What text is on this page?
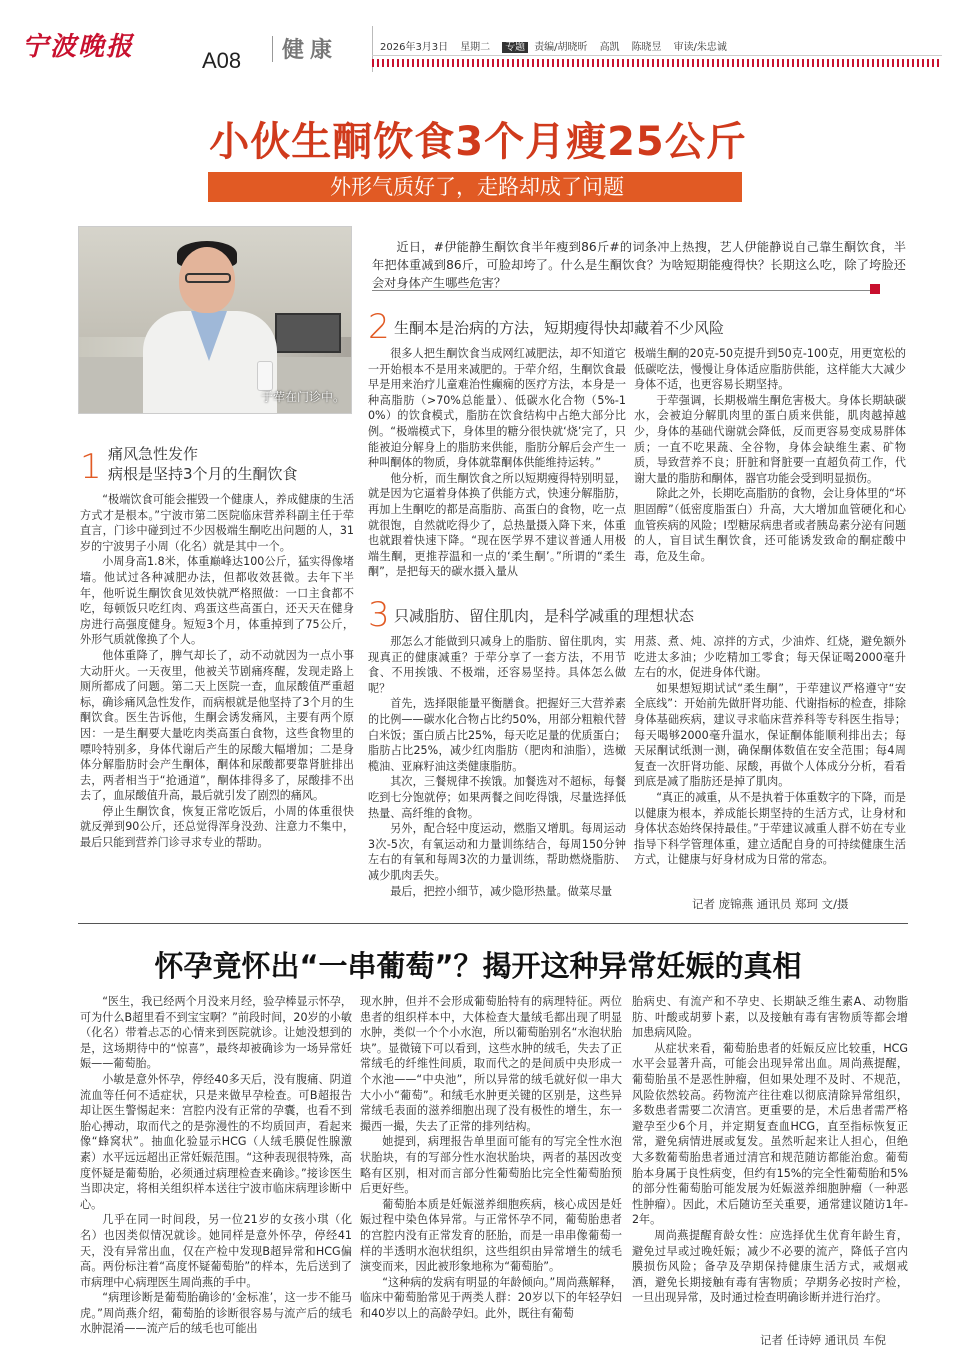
宁波晚报	A08 健康	2026年3月3日 星期二 专题 责编/胡晓昕 高凯 陈晓昱 审读/朱忠诚
小伙生酮饮食3个月瘦25公斤
外形气质好了，走路却成了问题
于荦在门诊中。

近日，#伊能静生酮饮食半年瘦到86斤#的词条冲上热搜，艺人伊能静说自己靠生酮饮食，半年把体重减到86斤，可脸却垮了。什么是生酮饮食？为啥短期能瘦得快？长期这么吃，除了垮脸还会对身体产生哪些危害？

1 痛风急性发作
病根是坚持3个月的生酮饮食

“极端饮食可能会摧毁一个健康人，养成健康的生活方式才是根本。”宁波市第二医院临床营养科副主任于荦直言，门诊中碰到过不少因极端生酮吃出问题的人，31岁的宁波男子小周（化名）就是其中一个。

小周身高1.8米，体重巅峰达100公斤，猛实得像堵墙。他试过各种减肥办法，但都收效甚微。去年下半年，他听说生酮饮食见效快就严格照做：一口主食都不吃，每顿饭只吃红肉、鸡蛋这些高蛋白，还天天在健身房进行高强度健身。短短3个月，体重掉到了75公斤，外形气质就像换了个人。

他体重降了，脾气却长了，动不动就因为一点小事大动肝火。一天夜里，他被关节剧痛疼醒，发现走路上厕所都成了问题。第二天上医院一查，血尿酸值严重超标，确诊痛风急性发作，而病根就是他坚持了3个月的生酮饮食。医生告诉他，生酮会诱发痛风，主要有两个原因：一是生酮要大量吃肉类高蛋白食物，这些食物里的嘌呤特别多，身体代谢后产生的尿酸大幅增加；二是身体分解脂肪时会产生酮体，酮体和尿酸都要靠肾脏排出去，两者相当于“抢通道”，酮体排得多了，尿酸排不出去了，血尿酸值升高，最后就引发了剧烈的痛风。

停止生酮饮食，恢复正常吃饭后，小周的体重很快就反弹到90公斤，还总觉得浑身没劲、注意力不集中，最后只能到营养门诊寻求专业的帮助。

2 生酮本是治病的方法，短期瘦得快却藏着不少风险

很多人把生酮饮食当成网红减肥法，却不知道它一开始根本不是用来减肥的。于荦介绍，生酮饮食最早是用来治疗儿童难治性癫痫的医疗方法，本身是一种高脂肪（>70%总能量）、低碳水化合物（5%-10%）的饮食模式，脂肪在饮食结构中占绝大部分比例。“极端模式下，身体里的糖分很快就‘烧’完了，只能被迫分解身上的脂肪来供能，脂肪分解后会产生一种叫酮体的物质，身体就靠酮体供能维持运转。”

他分析，而生酮饮食之所以短期瘦得特别明显，就是因为它逼着身体换了供能方式，快速分解脂肪，再加上生酮吃的都是高脂肪、高蛋白的食物，吃一点就很饱，自然就吃得少了，总热量摄入降下来，体重也就跟着快速下降。“现在医学界不建议普通人用极端生酮，更推荐温和一点的‘柔生酮’。”所谓的“柔生酮”，是把每天的碳水摄入量从

极端生酮的20克-50克提升到50克-100克，用更宽松的低碳吃法，慢慢让身体适应脂肪供能，这样能大大减少身体不适，也更容易长期坚持。

于荦强调，长期极端生酮危害极大。身体长期缺碳水，会被迫分解肌肉里的蛋白质来供能，肌肉越掉越少，身体的基础代谢就会降低，反而更容易变成易胖体质；一直不吃果蔬、全谷物，身体会缺维生素、矿物质，导致营养不良；肝脏和肾脏要一直超负荷工作，代谢大量的脂肪和酮体，器官功能会受到明显损伤。

除此之外，长期吃高脂肪的食物，会让身体里的“坏胆固醇”（低密度脂蛋白）升高，大大增加血管硬化和心血管疾病的风险；I型糖尿病患者或者胰岛素分泌有问题的人，盲目试生酮饮食，还可能诱发致命的酮症酸中毒，危及生命。

3 只减脂肪、留住肌肉，是科学减重的理想状态

那怎么才能做到只减身上的脂肪、留住肌肉，实现真正的健康减重？于荦分享了一套方法，不用节食、不用挨饿、不极端，还容易坚持。具体怎么做呢？

首先，选择限能量平衡膳食。把握好三大营养素的比例——碳水化合物占比约50%，用部分粗粮代替白米饭；蛋白质占比25%，每天吃足量的优质蛋白；脂肪占比25%，减少红肉脂肪（肥肉和油脂），选橄榄油、亚麻籽油这类健康脂肪。

其次，三餐规律不挨饿。加餐选对不超标，每餐吃到七分饱就停；如果两餐之间吃得饿，尽量选择低热量、高纤维的食物。

另外，配合轻中度运动，燃脂又增肌。每周运动3次-5次，有氧运动和力量训练结合，每周150分钟左右的有氧和每周3次的力量训练，帮助燃烧脂肪、减少肌肉丢失。

最后，把控小细节，减少隐形热量。做菜尽量

用蒸、煮、炖、凉拌的方式，少油炸、红烧，避免额外吃进太多油；少吃精加工零食；每天保证喝2000毫升左右的水，促进身体代谢。

如果想短期试试“柔生酮”，于荦建议严格遵守“安全底线”：开始前先做肝肾功能、代谢指标的检查，排除身体基础疾病，建议寻求临床营养科等专科医生指导；每天喝够2000毫升温水，保证酮体能顺利排出去；每天尿酮试纸测一测，确保酮体数值在安全范围；每4周复查一次肝肾功能、尿酸，再做个人体成分分析，看看到底是减了脂肪还是掉了肌肉。

“真正的减重，从不是执着于体重数字的下降，而是以健康为根本，养成能长期坚持的生活方式，让身材和身体状态始终保持最佳。”于荦建议减重人群不妨在专业指导下科学管理体重，建立适配自身的可持续健康生活方式，让健康与好身材成为日常的常态。

记者 庞锦燕 通讯员 郑珂 文/摄
怀孕竟怀出“一串葡萄”？揭开这种异常妊娠的真相

“医生，我已经两个月没来月经，验孕棒显示怀孕，可为什么B超里看不到宝宝啊？”前段时间，20岁的小敏（化名）带着忐忑的心情来到医院就诊。让她没想到的是，这场期待中的“惊喜”，最终却被确诊为一场异常妊娠——葡萄胎。

小敏是意外怀孕，停经40多天后，没有腹痛、阴道流血等任何不适症状，只是来做早孕检查。可B超报告却让医生警惕起来：宫腔内没有正常的孕囊，也看不到胎心搏动，取而代之的是弥漫性的不均质回声，看起来像“蜂窝状”。抽血化验显示HCG（人绒毛膜促性腺激素）水平远远超出正常妊娠范围。“这种表现很特殊，高度怀疑是葡萄胎，必须通过病理检查来确诊。”接诊医生当即决定，将相关组织样本送往宁波市临床病理诊断中心。

几乎在同一时间段，另一位21岁的女孩小琪（化名）也因类似情况就诊。她同样是意外怀孕，停经41天，没有异常出血，仅在产检中发现B超异常和HCG偏高。两份标注着“高度怀疑葡萄胎”的样本，先后送到了市病理中心病理医生周尚燕的手中。

“病理诊断是葡萄胎确诊的‘金标准’，这一步不能马虎。”周尚燕介绍，葡萄胎的诊断很容易与流产后的绒毛水肿混淆——流产后的绒毛也可能出

现水肿，但并不会形成葡萄胎特有的病理特征。两位患者的组织样本中，大体检查大量绒毛都出现了明显水肿，类似一个个小水泡，所以葡萄胎别名“水泡状胎块”。显微镜下可以看到，这些水肿的绒毛，失去了正常绒毛的纤维性间质，取而代之的是间质中央形成一个水池——“中央池”，所以异常的绒毛就好似一串大大小小“葡萄”。和绒毛水肿更关键的区别是，这些异常绒毛表面的滋养细胞出现了没有极性的增生，东一撮西一撮，失去了正常的排列结构。

她提到，病理报告单里面可能有的写完全性水泡状胎块，有的写部分性水泡状胎块，两者的基因改变略有区别，相对而言部分性葡萄胎比完全性葡萄胎预后更好些。

葡萄胎本质是妊娠滋养细胞疾病，核心成因是妊娠过程中染色体异常。与正常怀孕不同，葡萄胎患者的宫腔内没有正常发育的胚胎，而是一串串像葡萄一样的半透明水泡状组织，这些组织由异常增生的绒毛演变而来，因此被形象地称为“葡萄胎”。

“这种病的发病有明显的年龄倾向。”周尚燕解释，临床中葡萄胎常见于两类人群：20岁以下的年轻孕妇和40岁以上的高龄孕妇。此外，既往有葡萄

胎病史、有流产和不孕史、长期缺乏维生素A、动物脂肪、叶酸或胡萝卜素，以及接触有毒有害物质等都会增加患病风险。

从症状来看，葡萄胎患者的妊娠反应比较重，HCG水平会显著升高，可能会出现异常出血。周尚燕提醒，葡萄胎虽不是恶性肿瘤，但如果处理不及时、不规范，风险依然较高。药物流产往往难以彻底清除异常组织，多数患者需要二次清宫。更重要的是，术后患者需严格避孕至少6个月，并定期复查血HCG，直至指标恢复正常，避免病情进展或复发。虽然听起来让人担心，但绝大多数葡萄胎患者通过清宫和规范随访都能治愈。葡萄胎本身属于良性病变，但约有15%的完全性葡萄胎和5%的部分性葡萄胎可能发展为妊娠滋养细胞肿瘤（一种恶性肿瘤）。因此，术后随访至关重要，通常建议随访1年-2年。

周尚燕提醒育龄女性：应选择优生优育年龄生育，避免过早或过晚妊娠；减少不必要的流产，降低子宫内膜损伤风险；备孕及孕期保持健康生活方式，戒烟戒酒，避免长期接触有毒有害物质；孕期务必按时产检，一旦出现异常，及时通过检查明确诊断并进行治疗。

记者 任诗婷 通讯员 车倪
